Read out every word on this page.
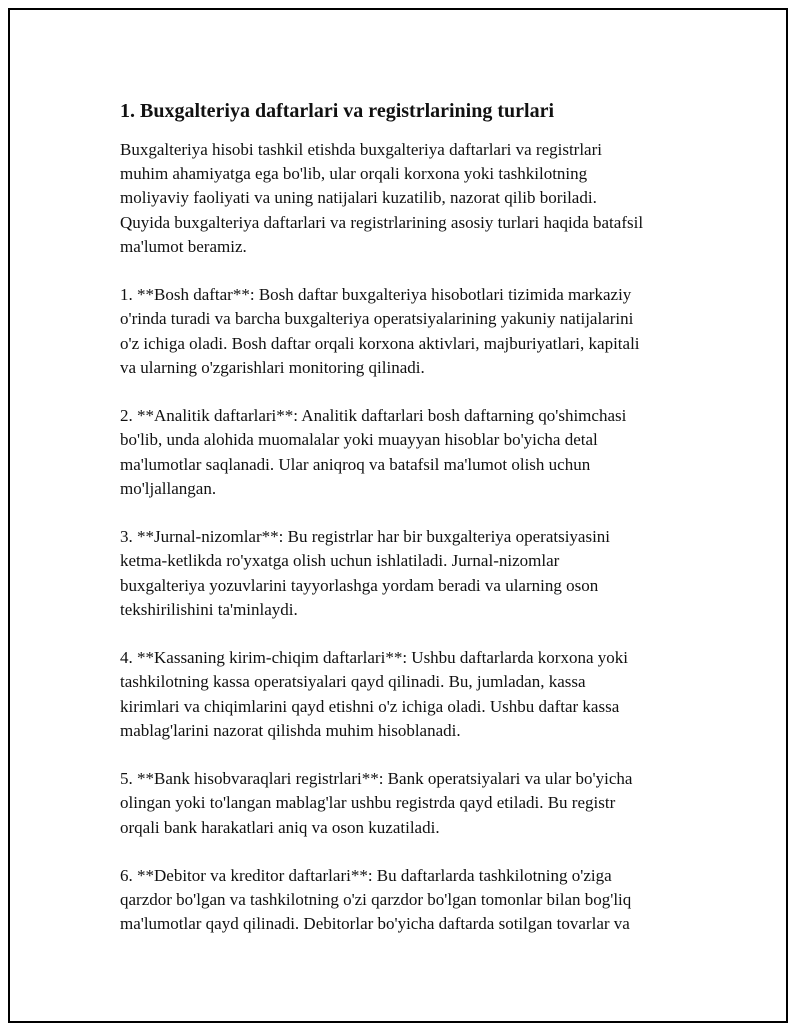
1. Buxgalteriya daftarlari va registrlarining turlari

Buxgalteriya hisobi tashkil etishda buxgalteriya daftarlari va registrlari
muhim ahamiyatga ega bo'lib, ular orqali korxona yoki tashkilotning
moliyaviy faoliyati va uning natijalari kuzatilib, nazorat qilib boriladi.
Quyida buxgalteriya daftarlari va registrlarining asosiy turlari haqida batafsil
ma'lumot beramiz.

1. **Bosh daftar**: Bosh daftar buxgalteriya hisobotlari tizimida markaziy
o'rinda turadi va barcha buxgalteriya operatsiyalarining yakuniy natijalarini
o'z ichiga oladi. Bosh daftar orqali korxona aktivlari, majburiyatlari, kapitali
va ularning o'zgarishlari monitoring qilinadi.

2. **Analitik daftarlari**: Analitik daftarlari bosh daftarning qo'shimchasi
bo'lib, unda alohida muomalalar yoki muayyan hisoblar bo'yicha detal
ma'lumotlar saqlanadi. Ular aniqroq va batafsil ma'lumot olish uchun
mo'ljallangan.

3. **Jurnal-nizomlar**: Bu registrlar har bir buxgalteriya operatsiyasini
ketma-ketlikda ro'yxatga olish uchun ishlatiladi. Jurnal-nizomlar
buxgalteriya yozuvlarini tayyorlashga yordam beradi va ularning oson
tekshirilishini ta'minlaydi.

4. **Kassaning kirim-chiqim daftarlari**: Ushbu daftarlarda korxona yoki
tashkilotning kassa operatsiyalari qayd qilinadi. Bu, jumladan, kassa
kirimlari va chiqimlarini qayd etishni o'z ichiga oladi. Ushbu daftar kassa
mablag'larini nazorat qilishda muhim hisoblanadi.

5. **Bank hisobvaraqlari registrlari**: Bank operatsiyalari va ular bo'yicha
olingan yoki to'langan mablag'lar ushbu registrda qayd etiladi. Bu registr
orqali bank harakatlari aniq va oson kuzatiladi.

6. **Debitor va kreditor daftarlari**: Bu daftarlarda tashkilotning o'ziga
qarzdor bo'lgan va tashkilotning o'zi qarzdor bo'lgan tomonlar bilan bog'liq
ma'lumotlar qayd qilinadi. Debitorlar bo'yicha daftarda sotilgan tovarlar va
